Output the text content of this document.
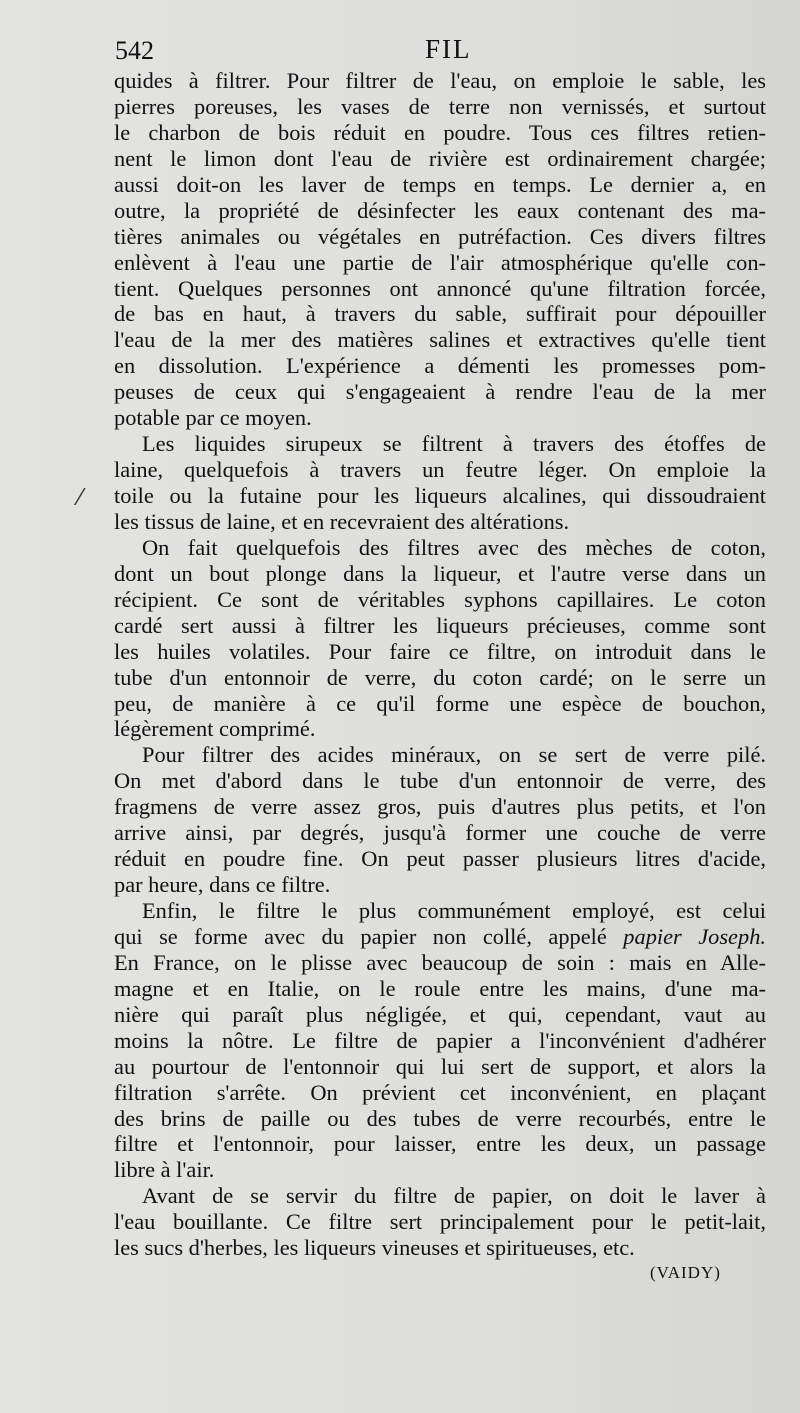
542	FIL
⁄
quides à filtrer. Pour filtrer de l'eau, on emploie le sable, les
pierres poreuses, les vases de terre non vernissés, et surtout
le charbon de bois réduit en poudre. Tous ces filtres retien-
nent le limon dont l'eau de rivière est ordinairement chargée;
aussi doit-on les laver de temps en temps. Le dernier a, en
outre, la propriété de désinfecter les eaux contenant des ma-
tières animales ou végétales en putréfaction. Ces divers filtres
enlèvent à l'eau une partie de l'air atmosphérique qu'elle con-
tient. Quelques personnes ont annoncé qu'une filtration forcée,
de bas en haut, à travers du sable, suffirait pour dépouiller
l'eau de la mer des matières salines et extractives qu'elle tient
en dissolution. L'expérience a démenti les promesses pom-
peuses de ceux qui s'engageaient à rendre l'eau de la mer
potable par ce moyen.
Les liquides sirupeux se filtrent à travers des étoffes de
laine, quelquefois à travers un feutre léger. On emploie la
toile ou la futaine pour les liqueurs alcalines, qui dissoudraient
les tissus de laine, et en recevraient des altérations.
On fait quelquefois des filtres avec des mèches de coton,
dont un bout plonge dans la liqueur, et l'autre verse dans un
récipient. Ce sont de véritables syphons capillaires. Le coton
cardé sert aussi à filtrer les liqueurs précieuses, comme sont
les huiles volatiles. Pour faire ce filtre, on introduit dans le
tube d'un entonnoir de verre, du coton cardé; on le serre un
peu, de manière à ce qu'il forme une espèce de bouchon,
légèrement comprimé.
Pour filtrer des acides minéraux, on se sert de verre pilé.
On met d'abord dans le tube d'un entonnoir de verre, des
fragmens de verre assez gros, puis d'autres plus petits, et l'on
arrive ainsi, par degrés, jusqu'à former une couche de verre
réduit en poudre fine. On peut passer plusieurs litres d'acide,
par heure, dans ce filtre.
Enfin, le filtre le plus communément employé, est celui
qui se forme avec du papier non collé, appelé papier Joseph.
En France, on le plisse avec beaucoup de soin : mais en Alle-
magne et en Italie, on le roule entre les mains, d'une ma-
nière qui paraît plus négligée, et qui, cependant, vaut au
moins la nôtre. Le filtre de papier a l'inconvénient d'adhérer
au pourtour de l'entonnoir qui lui sert de support, et alors la
filtration s'arrête. On prévient cet inconvénient, en plaçant
des brins de paille ou des tubes de verre recourbés, entre le
filtre et l'entonnoir, pour laisser, entre les deux, un passage
libre à l'air.
Avant de se servir du filtre de papier, on doit le laver à
l'eau bouillante. Ce filtre sert principalement pour le petit-lait,
les sucs d'herbes, les liqueurs vineuses et spiritueuses, etc.
(VAIDY)
